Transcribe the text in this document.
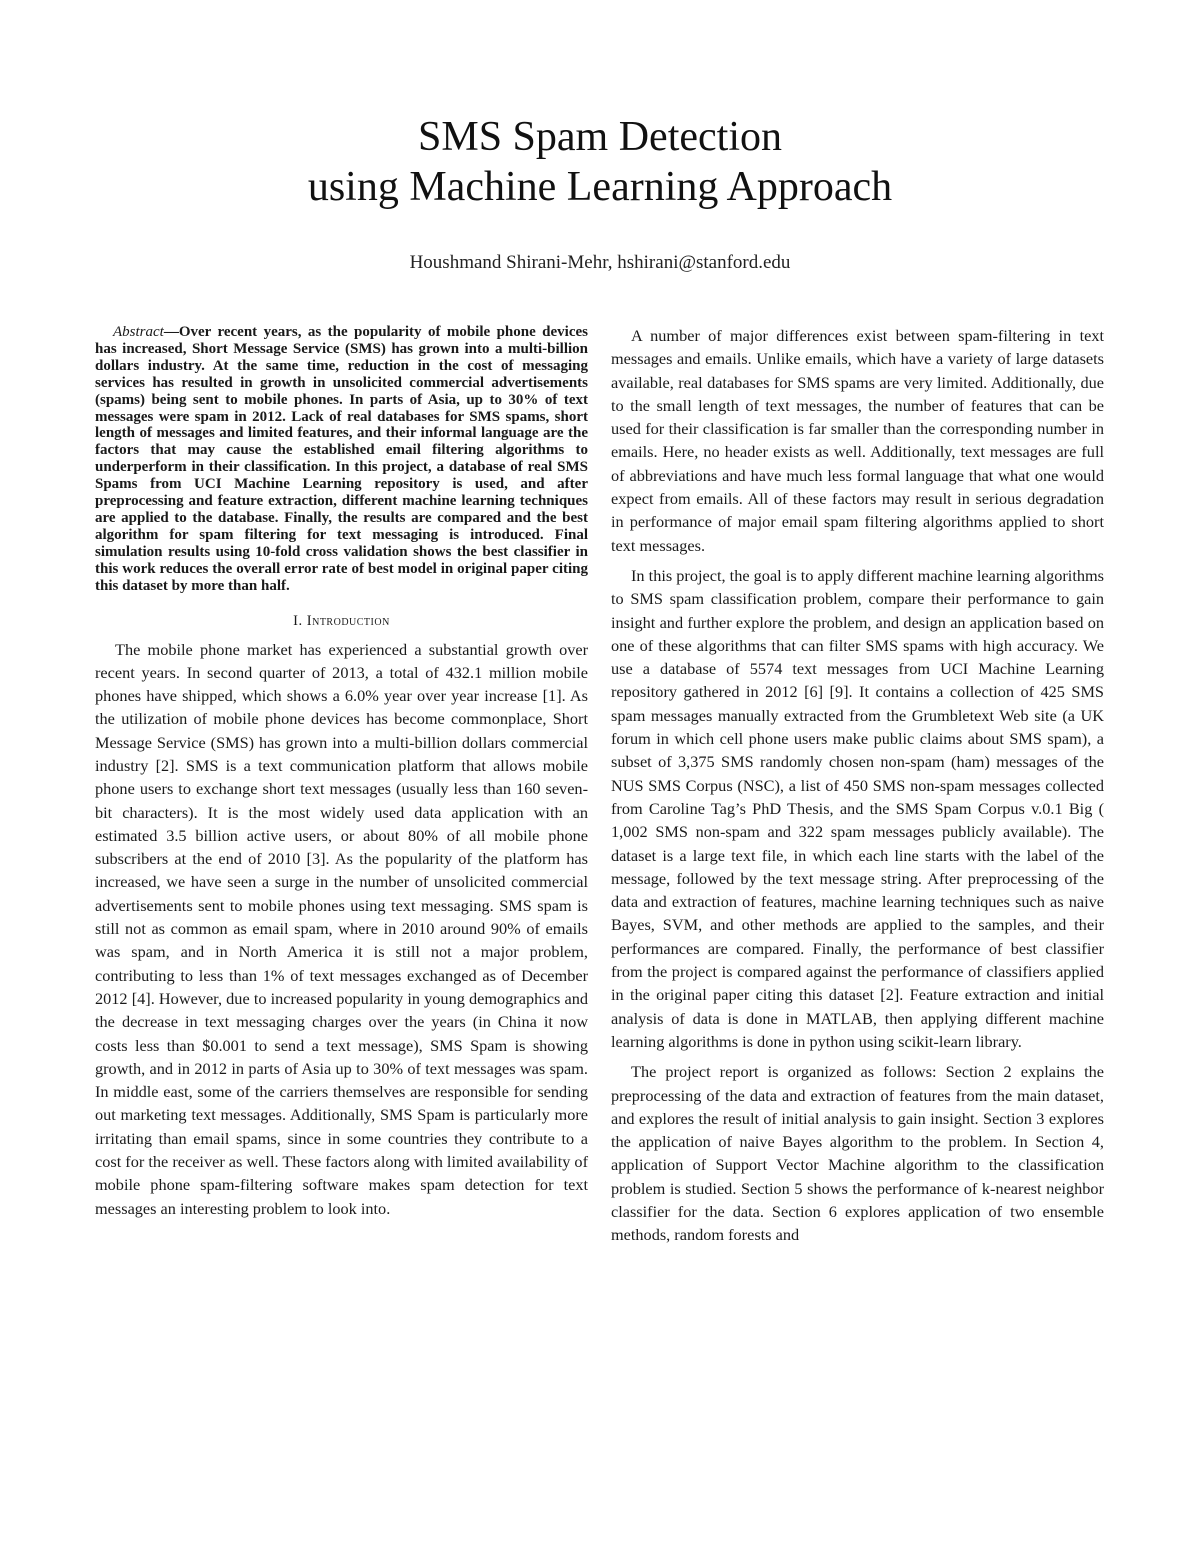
SMS Spam Detection
using Machine Learning Approach
Houshmand Shirani-Mehr, hshirani@stanford.edu

Abstract—Over recent years, as the popularity of mobile phone devices has increased, Short Message Service (SMS) has grown into a multi-billion dollars industry. At the same time, reduction in the cost of messaging services has resulted in growth in unsolicited commercial advertisements (spams) being sent to mobile phones. In parts of Asia, up to 30% of text messages were spam in 2012. Lack of real databases for SMS spams, short length of messages and limited features, and their informal language are the factors that may cause the established email filtering algorithms to underperform in their classification. In this project, a database of real SMS Spams from UCI Machine Learning repository is used, and after preprocessing and feature extraction, different machine learning techniques are applied to the database. Finally, the results are compared and the best algorithm for spam filtering for text messaging is introduced. Final simulation results using 10-fold cross validation shows the best classifier in this work reduces the overall error rate of best model in original paper citing this dataset by more than half.

I. Introduction

The mobile phone market has experienced a substantial growth over recent years. In second quarter of 2013, a total of 432.1 million mobile phones have shipped, which shows a 6.0% year over year increase [1]. As the utilization of mobile phone devices has become commonplace, Short Message Service (SMS) has grown into a multi-billion dollars commercial industry [2]. SMS is a text communication platform that allows mobile phone users to exchange short text messages (usually less than 160 seven-bit characters). It is the most widely used data application with an estimated 3.5 billion active users, or about 80% of all mobile phone subscribers at the end of 2010 [3]. As the popularity of the platform has increased, we have seen a surge in the number of unsolicited commercial advertisements sent to mobile phones using text messaging. SMS spam is still not as common as email spam, where in 2010 around 90% of emails was spam, and in North America it is still not a major problem, contributing to less than 1% of text messages exchanged as of December 2012 [4]. However, due to increased popularity in young demographics and the decrease in text messaging charges over the years (in China it now costs less than $0.001 to send a text message), SMS Spam is showing growth, and in 2012 in parts of Asia up to 30% of text messages was spam. In middle east, some of the carriers themselves are responsible for sending out marketing text messages. Additionally, SMS Spam is particularly more irritating than email spams, since in some countries they contribute to a cost for the receiver as well. These factors along with limited availability of mobile phone spam-filtering software makes spam detection for text messages an interesting problem to look into.

A number of major differences exist between spam-filtering in text messages and emails. Unlike emails, which have a variety of large datasets available, real databases for SMS spams are very limited. Additionally, due to the small length of text messages, the number of features that can be used for their classification is far smaller than the corresponding number in emails. Here, no header exists as well. Additionally, text messages are full of abbreviations and have much less formal language that what one would expect from emails. All of these factors may result in serious degradation in performance of major email spam filtering algorithms applied to short text messages.

In this project, the goal is to apply different machine learning algorithms to SMS spam classification problem, compare their performance to gain insight and further explore the problem, and design an application based on one of these algorithms that can filter SMS spams with high accuracy. We use a database of 5574 text messages from UCI Machine Learning repository gathered in 2012 [6] [9]. It contains a collection of 425 SMS spam messages manually extracted from the Grumbletext Web site (a UK forum in which cell phone users make public claims about SMS spam), a subset of 3,375 SMS randomly chosen non-spam (ham) messages of the NUS SMS Corpus (NSC), a list of 450 SMS non-spam messages collected from Caroline Tag’s PhD Thesis, and the SMS Spam Corpus v.0.1 Big ( 1,002 SMS non-spam and 322 spam messages publicly available). The dataset is a large text file, in which each line starts with the label of the message, followed by the text message string. After preprocessing of the data and extraction of features, machine learning techniques such as naive Bayes, SVM, and other methods are applied to the samples, and their performances are compared. Finally, the performance of best classifier from the project is compared against the performance of classifiers applied in the original paper citing this dataset [2]. Feature extraction and initial analysis of data is done in MATLAB, then applying different machine learning algorithms is done in python using scikit-learn library.

The project report is organized as follows: Section 2 explains the preprocessing of the data and extraction of features from the main dataset, and explores the result of initial analysis to gain insight. Section 3 explores the application of naive Bayes algorithm to the problem. In Section 4, application of Support Vector Machine algorithm to the classification problem is studied. Section 5 shows the performance of k-nearest neighbor classifier for the data. Section 6 explores application of two ensemble methods, random forests and
